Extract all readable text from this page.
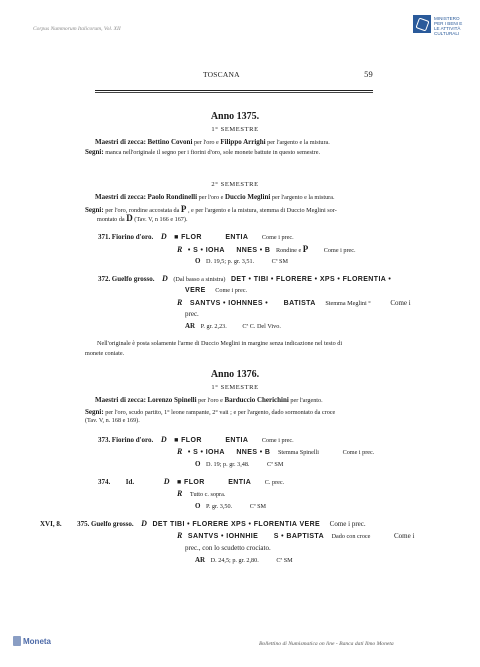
Corpus Nummorum Italicorum, Vol. XII
MINISTERO
PER I BENI E
LE ATTIVITÀ
CULTURALI
TOSCANA	59
Anno 1375.
1° SEMESTRE
Maestri di zecca: Bettino Covoni per l'oro e Filippo Arrighi per l'argento e la mistura.
Segni: manca nell'originale il segno per i fiorini d'oro, sole monete battute in questo semestre.
2° SEMESTRE
Maestri di zecca: Paolo Rondinelli per l'oro e Duccio Meglini per l'argento e la mistura.
Segni: per l'oro, rondine accostata da P , e per l'argento e la mistura, stemma di Duccio Meglini sor-
montato da D (Tav. V, n 166 e 167).
371. Fiorino d'oro. D ■ FLOR	ENTIA Come i prec.
R • S • IOHA NNES • B Rondine e P	Come i prec.
O D. 19,5; p. gr. 3,51.	Cª SM
372. Guelfo grosso. D (Dal basso a sinistra) DET • TIBI • FLORERE • XPS • FLORENTIA •
VERE Come i prec.
R SANTVS • IOHNNES • BATISTA Stemma Meglini °	Come i
prec.
AR P. gr. 2,23.	Cª C. Del Vivo.
Nell'originale è posta solamente l'arme di Duccio Meglini in margine senza indicazione nel testo di
monete coniate.
Anno 1376.
1° SEMESTRE
Maestri di zecca: Lorenzo Spinelli per l'oro e Barduccio Cherichini per l'argento.
Segni: per l'oro, scudo partito, 1° leone rampante, 2° vaii ; e per l'argento, dado sormontato da croce
(Tav. V, n. 168 e 169).
373. Fiorino d'oro. D ■ FLOR	ENTIA Come i prec.
R • S • IOHA NNES • B Stemma Spinelli	Come i prec.
O D. 19; p. gr. 3,48.	Cª SM
374. Id.	D ■ FLOR	ENTIA C. prec.
R Tutto c. sopra.
O P. gr. 3,50.	Cª SM
XVI, 8. 375. Guelfo grosso. D DET TIBI • FLORERE XPS • FLORENTIA VERE Come i prec.
R SANTVS • IOHNHIE S • BAPTISTA Dado con croce	Come i
prec., con lo scudetto crociato.
AR D. 24,5; p. gr. 2,80.	Cª SM
Moneta	Bollettino di Numismatica on line - Banca dati Ilmo Moneta
